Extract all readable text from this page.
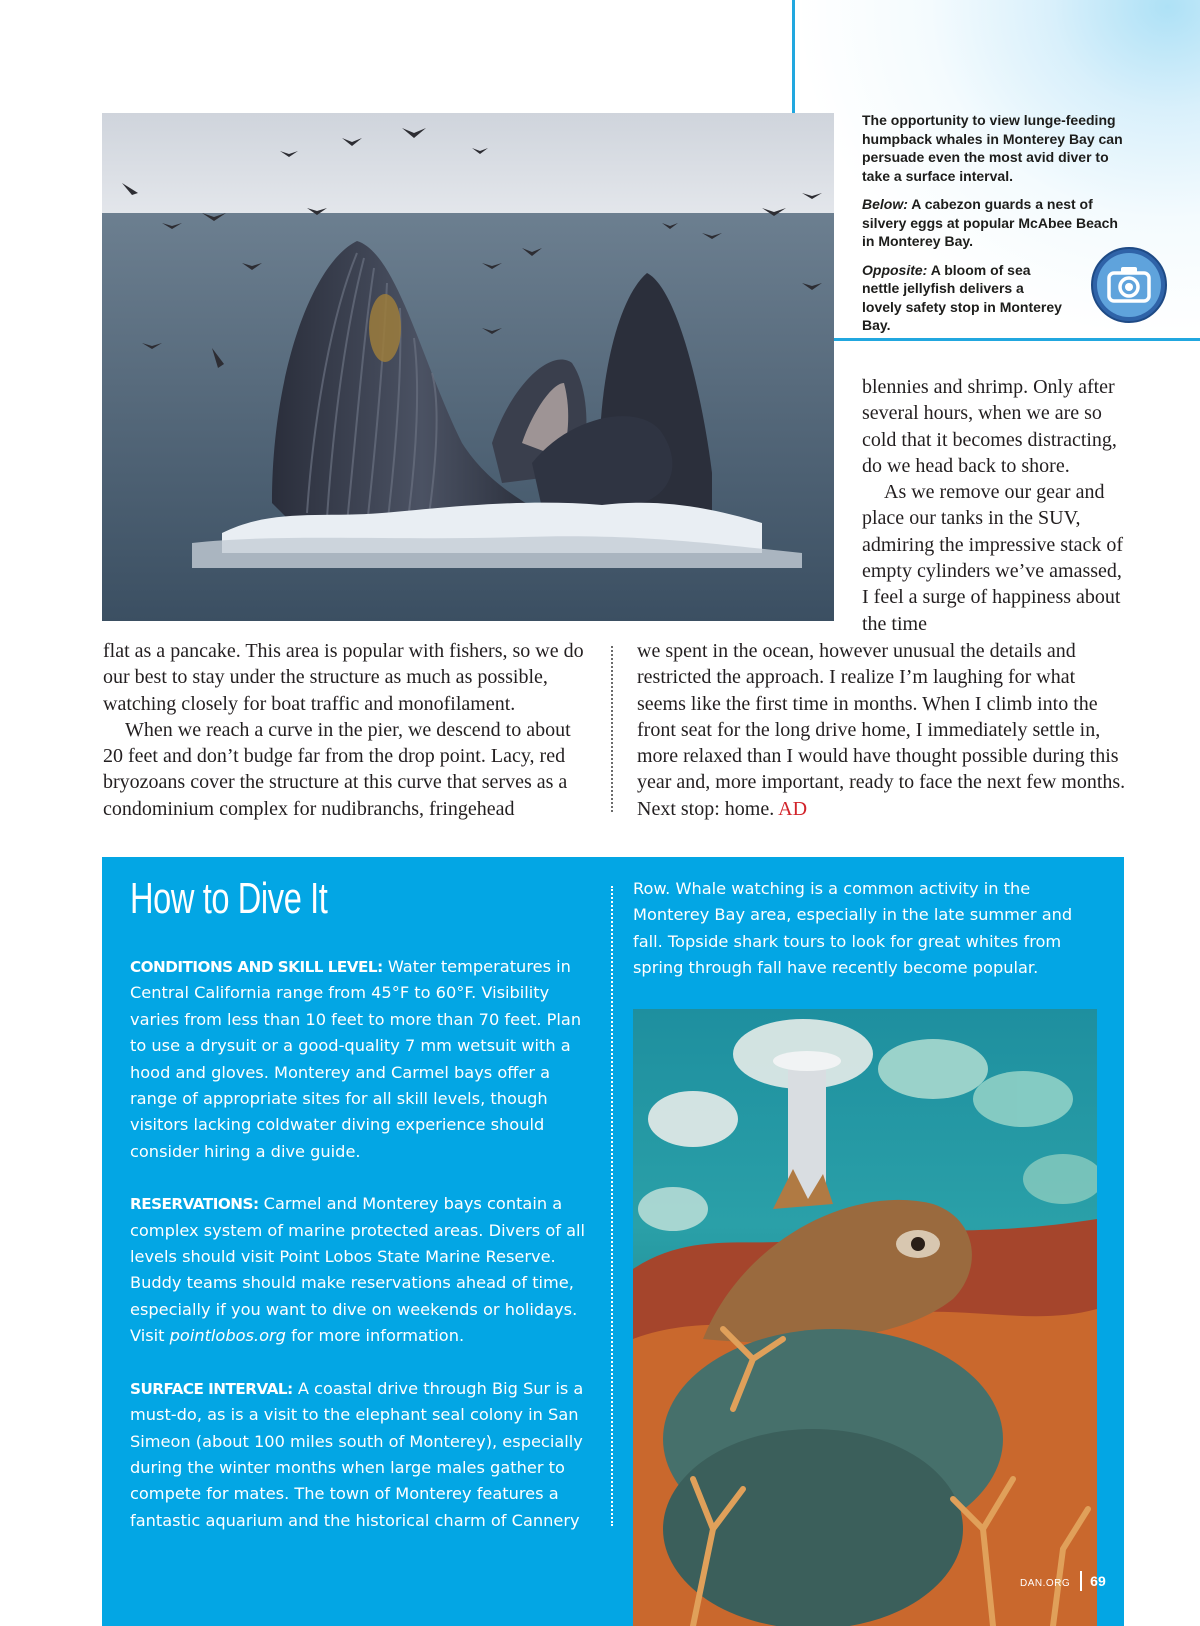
The opportunity to view lunge-feeding humpback whales in Monterey Bay can persuade even the most avid diver to take a surface interval.

Below: A cabezon guards a nest of silvery eggs at popular McAbee Beach in Monterey Bay.

Opposite: A bloom of sea nettle jellyfish delivers a lovely safety stop in Monterey Bay.

blennies and shrimp. Only after several hours, when we are so cold that it becomes distracting, do we head back to shore.

As we remove our gear and place our tanks in the SUV, admiring the impressive stack of empty cylinders we’ve amassed, I feel a surge of happiness about the time

flat as a pancake. This area is popular with fishers, so we do our best to stay under the structure as much as possible, watching closely for boat traffic and monofilament.

When we reach a curve in the pier, we descend to about 20 feet and don’t budge far from the drop point. Lacy, red bryozoans cover the structure at this curve that serves as a condominium complex for nudibranchs, fringehead

we spent in the ocean, however unusual the details and restricted the approach. I realize I’m laughing for what seems like the first time in months. When I climb into the front seat for the long drive home, I immediately settle in, more relaxed than I would have thought possible during this year and, more important, ready to face the next few months. Next stop: home. AD

How to Dive It

CONDITIONS AND SKILL LEVEL: Water temperatures in Central California range from 45°F to 60°F. Visibility varies from less than 10 feet to more than 70 feet. Plan to use a drysuit or a good-quality 7 mm wetsuit with a hood and gloves. Monterey and Carmel bays offer a range of appropriate sites for all skill levels, though visitors lacking coldwater diving experience should consider hiring a dive guide.

RESERVATIONS: Carmel and Monterey bays contain a complex system of marine protected areas. Divers of all levels should visit Point Lobos State Marine Reserve. Buddy teams should make reservations ahead of time, especially if you want to dive on weekends or holidays. Visit pointlobos.org for more information.

SURFACE INTERVAL: A coastal drive through Big Sur is a must-do, as is a visit to the elephant seal colony in San Simeon (about 100 miles south of Monterey), especially during the winter months when large males gather to compete for mates. The town of Monterey features a fantastic aquarium and the historical charm of Cannery

Row. Whale watching is a common activity in the Monterey Bay area, especially in the late summer and fall. Topside shark tours to look for great whites from spring through fall have recently become popular.

DAN.ORG 69
